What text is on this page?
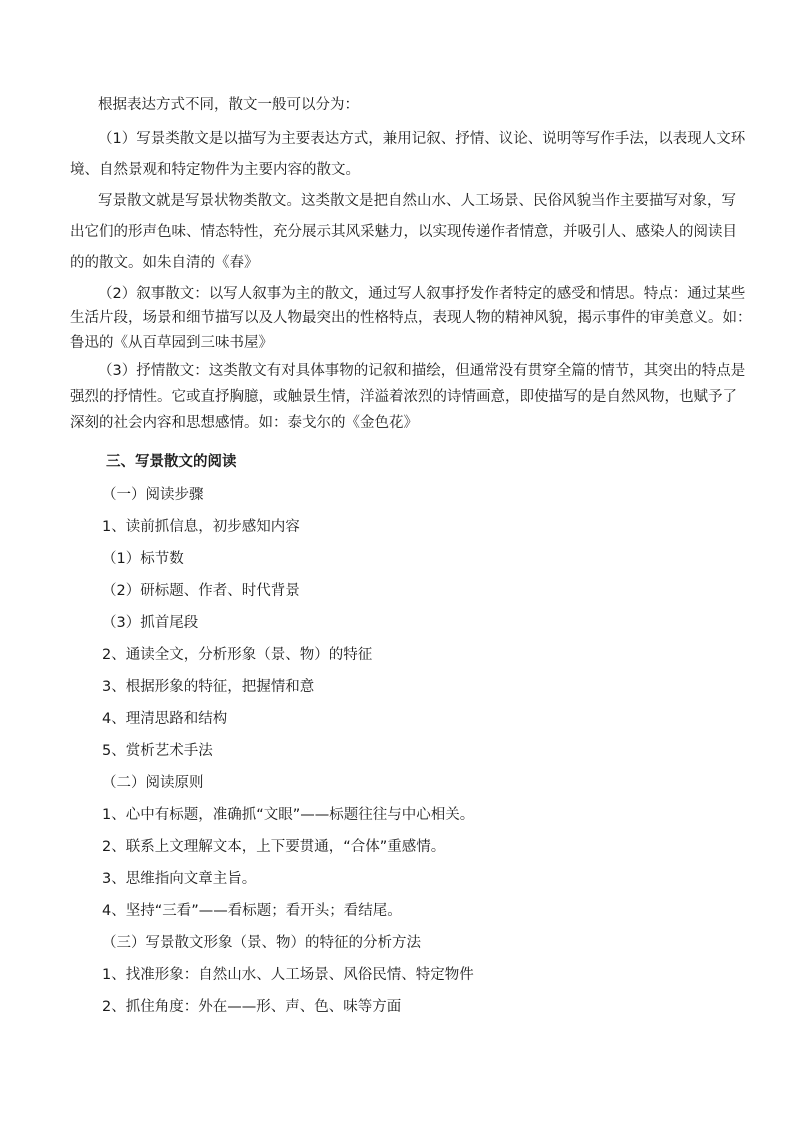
根据表达方式不同，散文一般可以分为：
（1）写景类散文是以描写为主要表达方式，兼用记叙、抒情、议论、说明等写作手法，以表现人文环
境、自然景观和特定物件为主要内容的散文。
写景散文就是写景状物类散文。这类散文是把自然山水、人工场景、民俗风貌当作主要描写对象，写
出它们的形声色味、情态特性，充分展示其风采魅力，以实现传递作者情意，并吸引人、感染人的阅读目
的的散文。如朱自清的《春》
（2）叙事散文：以写人叙事为主的散文，通过写人叙事抒发作者特定的感受和情思。特点：通过某些
生活片段，场景和细节描写以及人物最突出的性格特点，表现人物的精神风貌，揭示事件的审美意义。如：
鲁迅的《从百草园到三味书屋》
（3）抒情散文：这类散文有对具体事物的记叙和描绘，但通常没有贯穿全篇的情节，其突出的特点是
强烈的抒情性。它或直抒胸臆，或触景生情，洋溢着浓烈的诗情画意，即使描写的是自然风物，也赋予了
深刻的社会内容和思想感情。如：泰戈尔的《金色花》
三、写景散文的阅读
（一）阅读步骤
1、读前抓信息，初步感知内容
（1）标节数
（2）研标题、作者、时代背景
（3）抓首尾段
2、通读全文，分析形象（景、物）的特征
3、根据形象的特征，把握情和意
4、理清思路和结构
5、赏析艺术手法
（二）阅读原则
1、心中有标题，准确抓“文眼”——标题往往与中心相关。
2、联系上文理解文本，上下要贯通，“合体”重感情。
3、思维指向文章主旨。
4、坚持“三看”——看标题；看开头；看结尾。
（三）写景散文形象（景、物）的特征的分析方法
1、找准形象：自然山水、人工场景、风俗民情、特定物件
2、抓住角度：外在——形、声、色、味等方面
